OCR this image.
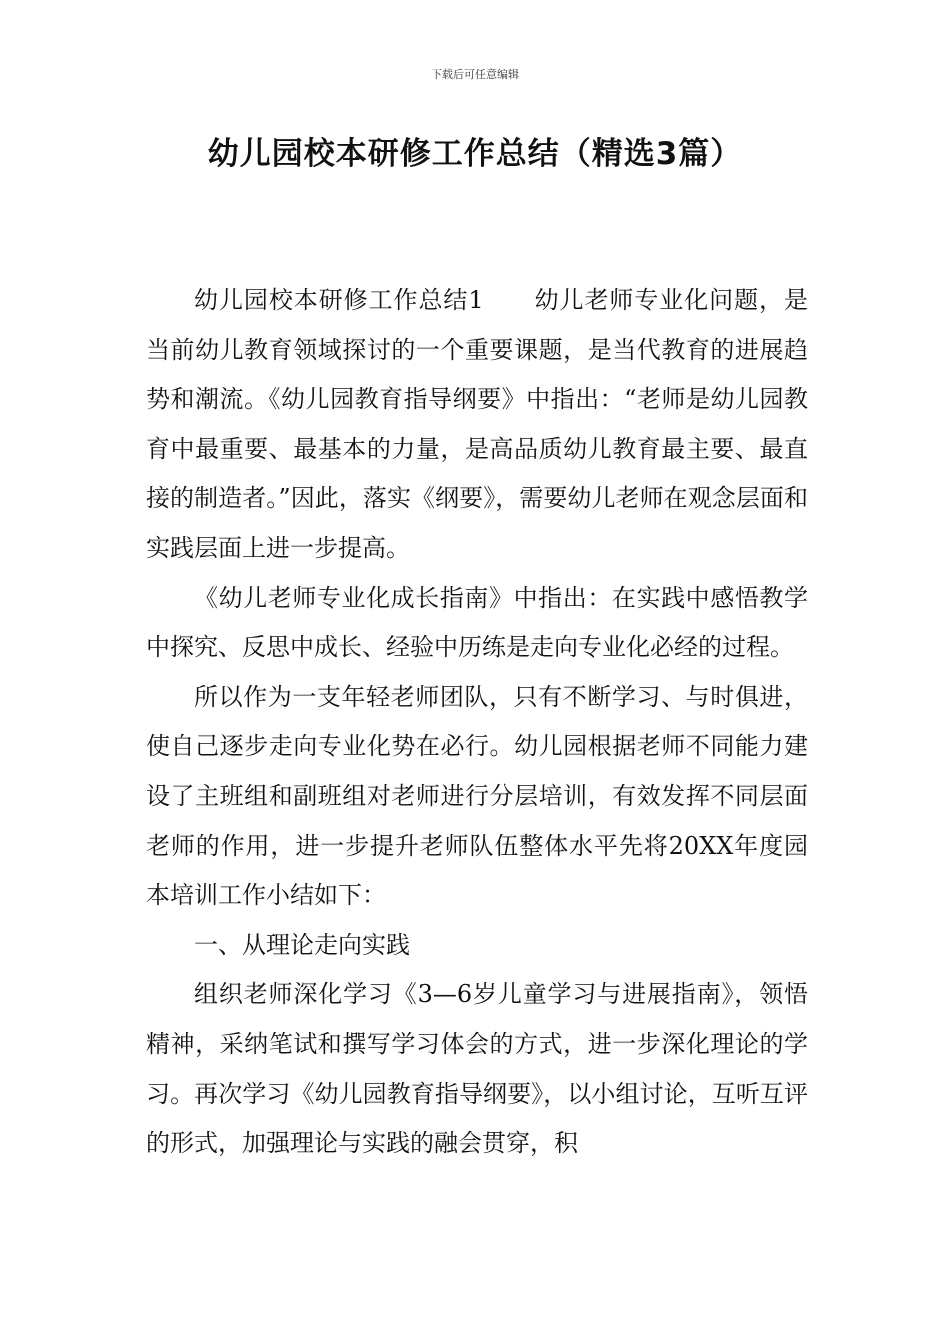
下载后可任意编辑
幼儿园校本研修工作总结（精选3篇）

幼儿园校本研修工作总结1 幼儿老师专业化问题，是当前幼儿教育领域探讨的一个重要课题，是当代教育的进展趋势和潮流。《幼儿园教育指导纲要》中指出：“老师是幼儿园教育中最重要、最基本的力量，是高品质幼儿教育最主要、最直接的制造者。”因此，落实《纲要》，需要幼儿老师在观念层面和实践层面上进一步提高。

《幼儿老师专业化成长指南》中指出：在实践中感悟教学中探究、反思中成长、经验中历练是走向专业化必经的过程。

所以作为一支年轻老师团队，只有不断学习、与时俱进，使自己逐步走向专业化势在必行。幼儿园根据老师不同能力建设了主班组和副班组对老师进行分层培训，有效发挥不同层面老师的作用，进一步提升老师队伍整体水平先将20XX年度园本培训工作小结如下：

一、从理论走向实践

组织老师深化学习《3—6岁儿童学习与进展指南》，领悟精神，采纳笔试和撰写学习体会的方式，进一步深化理论的学习。再次学习《幼儿园教育指导纲要》，以小组讨论，互听互评的形式，加强理论与实践的融会贯穿，积
